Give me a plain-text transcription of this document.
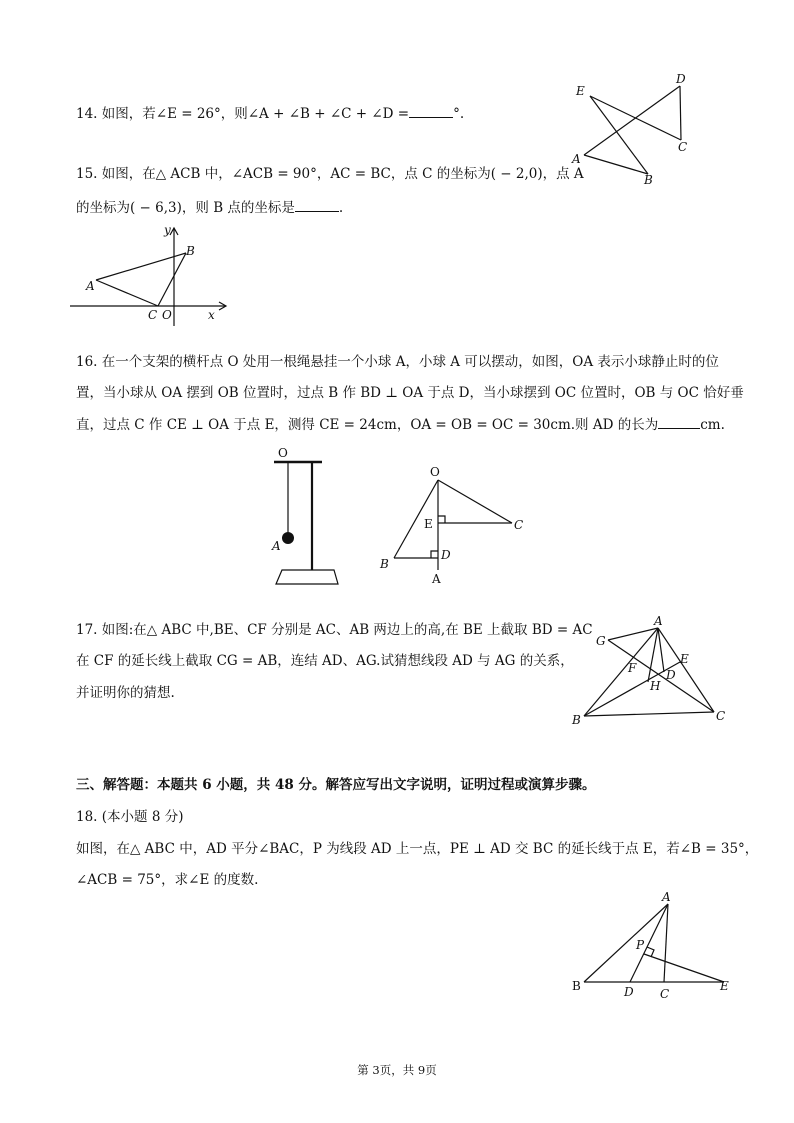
14. 如图，若∠E = 26°，则∠A + ∠B + ∠C + ∠D =	°.
E
D
A
C
B
15. 如图，在△ ACB 中，∠ACB = 90°，AC = BC，点 C 的坐标为( − 2,0)，点 A
的坐标为( − 6,3)，则 B 点的坐标是	.
y
B
A
C O	x
16. 在一个支架的横杆点 O 处用一根绳悬挂一个小球 A，小球 A 可以摆动，如图，OA 表示小球静止时的位
置，当小球从 OA 摆到 OB 位置时，过点 B 作 BD ⊥ OA 于点 D，当小球摆到 OC 位置时，OB 与 OC 恰好垂
直，过点 C 作 CE ⊥ OA 于点 E，测得 CE = 24cm，OA = OB = OC = 30cm.则 AD 的长为	cm.
O
A
O
E	C
B
D
A
17. 如图:在△ ABC 中,BE、CF 分别是 AC、AB 两边上的高,在 BE 上截取 BD = AC
在 CF 的延长线上截取 CG = AB，连结 AD、AG.试猜想线段 AD 与 AG 的关系，
并证明你的猜想.
G
A
E
F D
H
B	C
三、解答题：本题共 6 小题，共 48 分。解答应写出文字说明，证明过程或演算步骤。
18. (本小题 8 分)
如图，在△ ABC 中，AD 平分∠BAC，P 为线段 AD 上一点，PE ⊥ AD 交 BC 的延长线于点 E，若∠B = 35°，
∠ACB = 75°，求∠E 的度数.
A
P
B	D C
E
第 3页，共 9页
